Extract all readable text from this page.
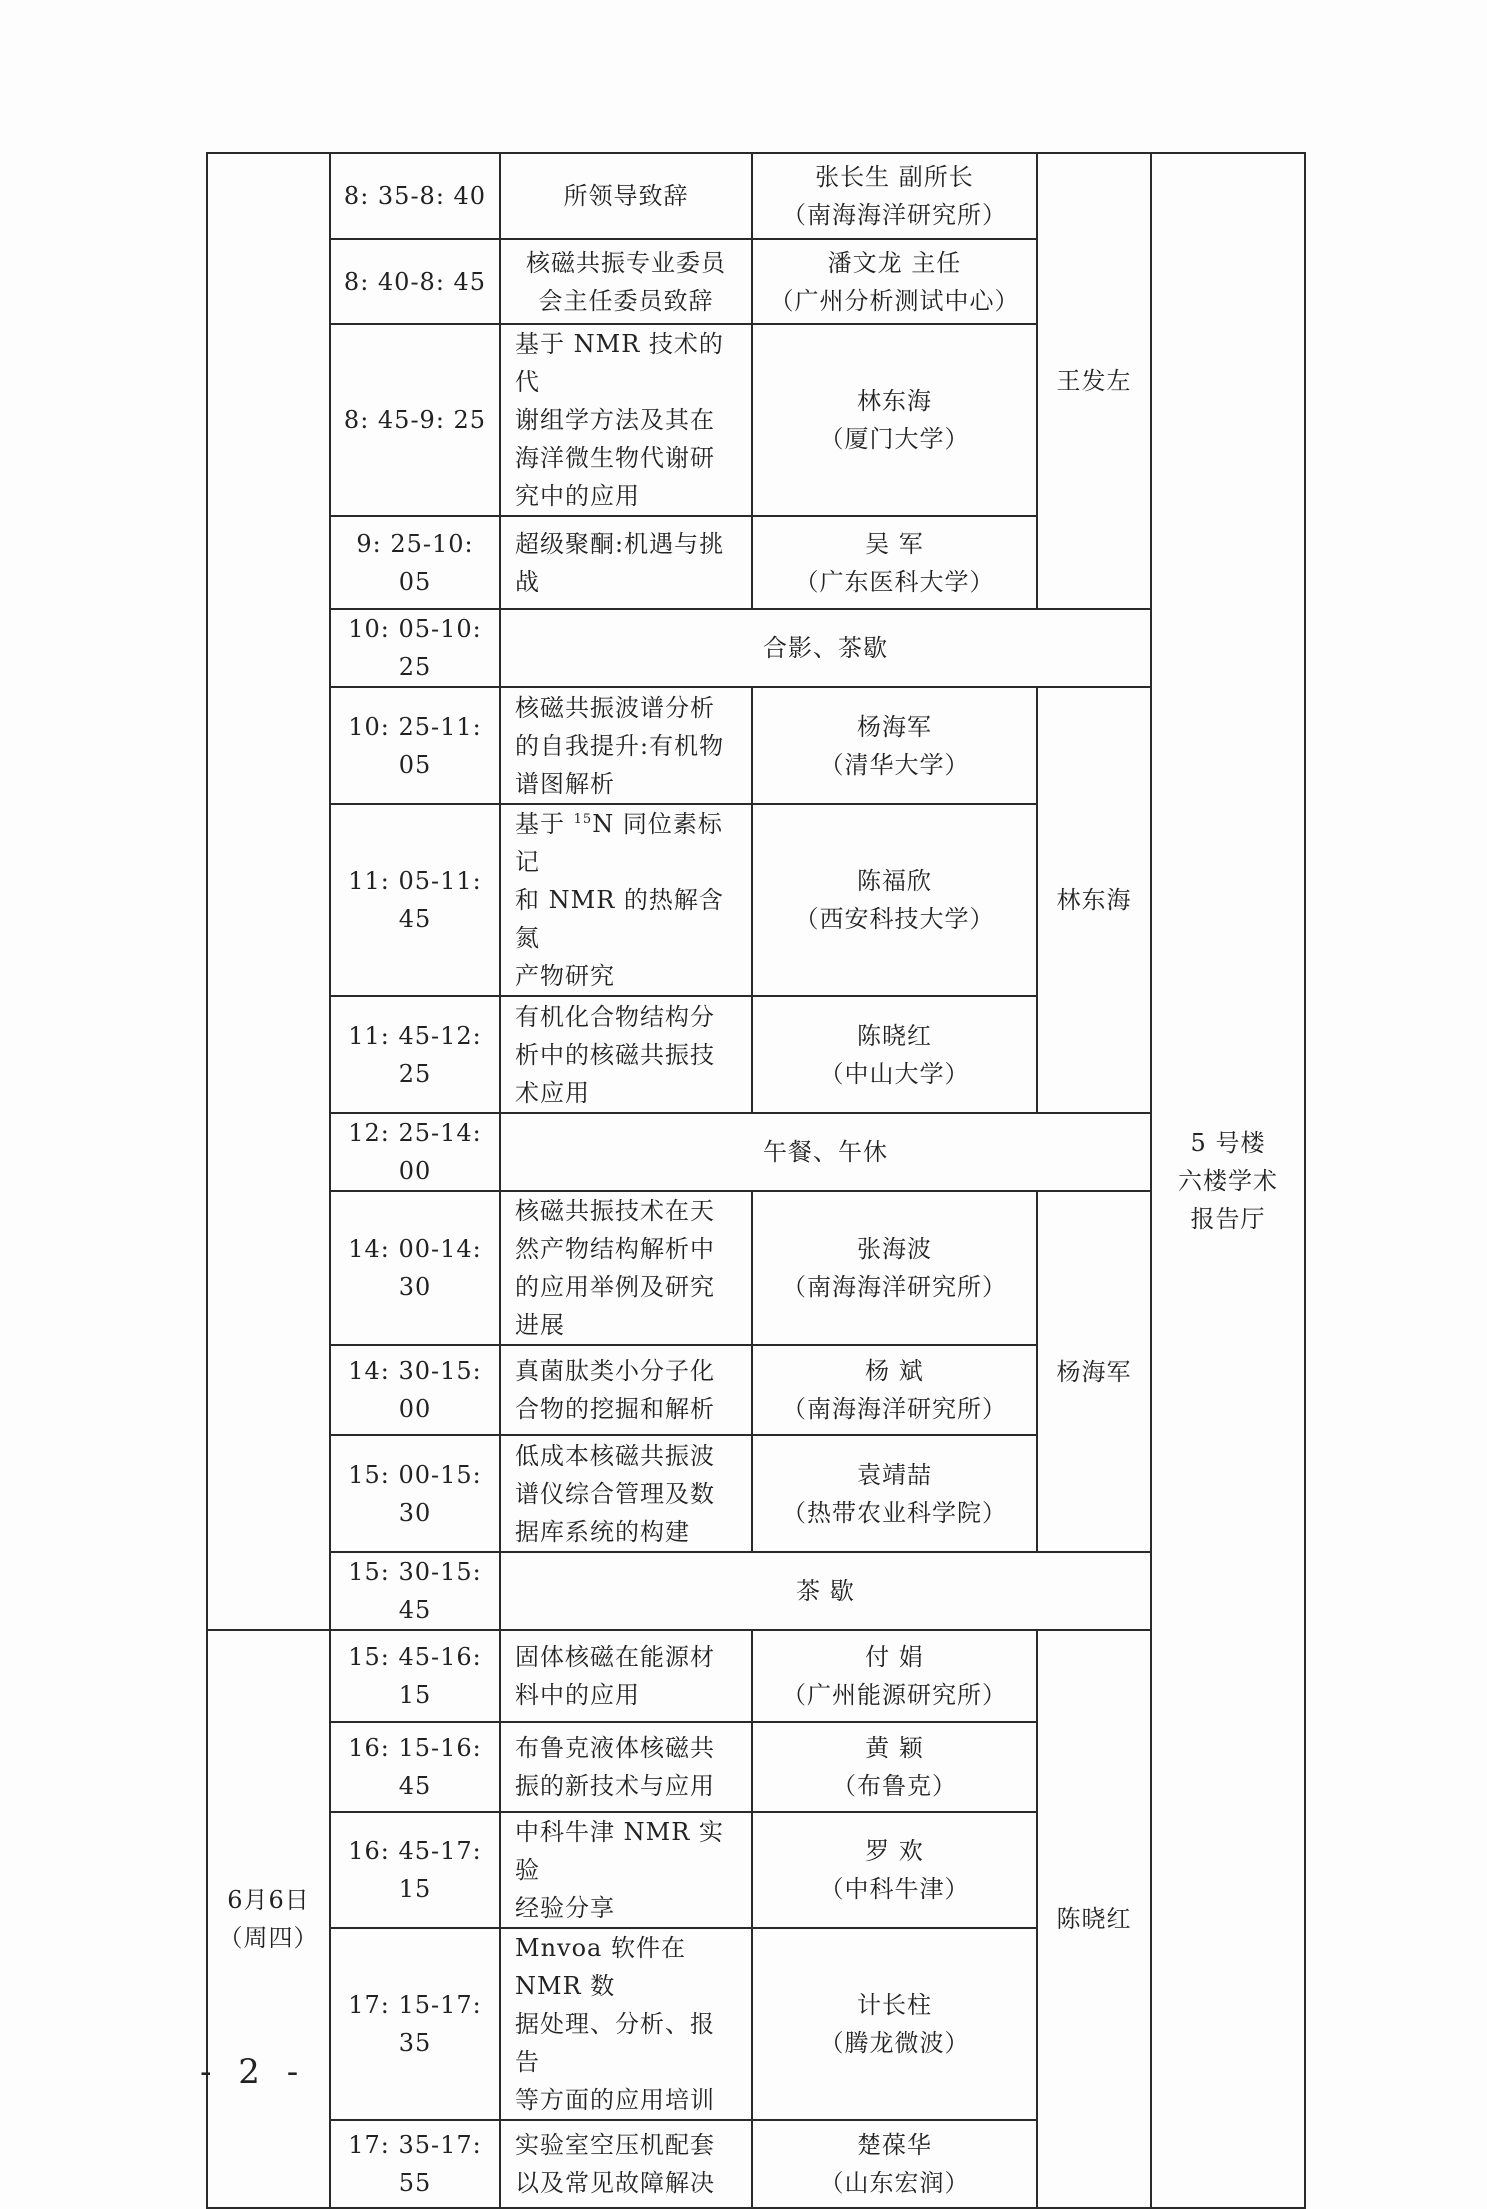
	8: 35-8: 40	所领导致辞	张长生 副所长
（南海海洋研究所）	王发左	5 号楼
六楼学术
报告厅

	8: 40-8: 45	核磁共振专业委员
会主任委员致辞	潘文龙 主任
（广州分析测试中心）		

	8: 45-9: 25	基于 NMR 技术的代
谢组学方法及其在
海洋微生物代谢研
究中的应用	林东海
（厦门大学）		

	9: 25-10: 05	超级聚酮:机遇与挑
战	吴 军
（广东医科大学）		

	10: 05-10: 25	合影、茶歇			
	10: 25-11: 05	核磁共振波谱分析
的自我提升:有机物
谱图解析	杨海军
（清华大学）	林东海	
	11: 05-11: 45	基于 $^{15}$N 同位素标记
和 NMR 的热解含氮
产物研究	陈福欣
（西安科技大学）		

	11: 45-12: 25	有机化合物结构分
析中的核磁共振技
术应用	陈晓红
（中山大学）		

	12: 25-14: 00	午餐、午休			
	14: 00-14: 30	核磁共振技术在天
然产物结构解析中
的应用举例及研究
进展	张海波
（南海海洋研究所）	杨海军	
	14: 30-15: 00	真菌肽类小分子化
合物的挖掘和解析	杨 斌
（南海海洋研究所）		

	15: 00-15: 30	低成本核磁共振波
谱仪综合管理及数
据库系统的构建	袁靖喆
（热带农业科学院）		

	15: 30-15: 45	茶 歇			

6月6日
（周四）	15: 45-16: 15	固体核磁在能源材
料中的应用	付 娟
（广州能源研究所）	陈晓红	
	16: 15-16: 45	布鲁克液体核磁共
振的新技术与应用	黄 颖
（布鲁克）		

	16: 45-17: 15	中科牛津 NMR 实验
经验分享	罗 欢
（中科牛津）		

	17: 15-17: 35	Mnvoa 软件在 NMR 数
据处理、分析、报告
等方面的应用培训	计长柱
（腾龙微波）		

	17: 35-17: 55	实验室空压机配套
以及常见故障解决	楚葆华
（山东宏润）		
- 2 -
